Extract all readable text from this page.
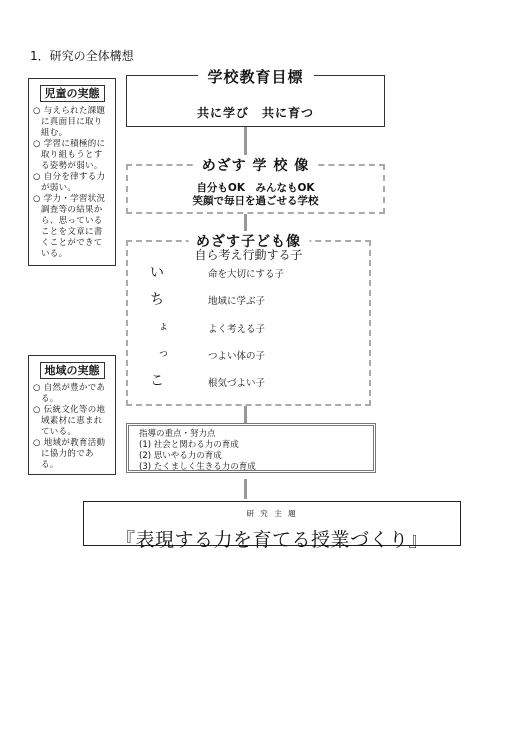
1．研究の全体構想
児童の実態
○ 与えられた課題に真面目に取り組む。
○ 学習に積極的に取り組もうとする姿勢が弱い。
○ 自分を律する力が弱い。
○ 学力・学習状況調査等の結果から、思っていることを文章に書くことができている。
地域の実態
○ 自然が豊かである。
○ 伝統文化等の地域素材に恵まれている。
○ 地域が教育活動に協力的である。
学校教育目標
共に学び　共に育つ
めざす 学 校 像
自分もOK　みんなもOK
笑顔で毎日を過ごせる学校
めざす子ども像
自ら考え行動する子
い	命を大切にする子
ち	地域に学ぶ子
ょ	よく考える子
っ	つよい体の子
こ	根気づよい子
指導の重点・努力点
(1) 社会と関わる力の育成
(2) 思いやる力の育成
(3) たくましく生きる力の育成
研 究 主 題
『表現する力を育てる授業づくり』
